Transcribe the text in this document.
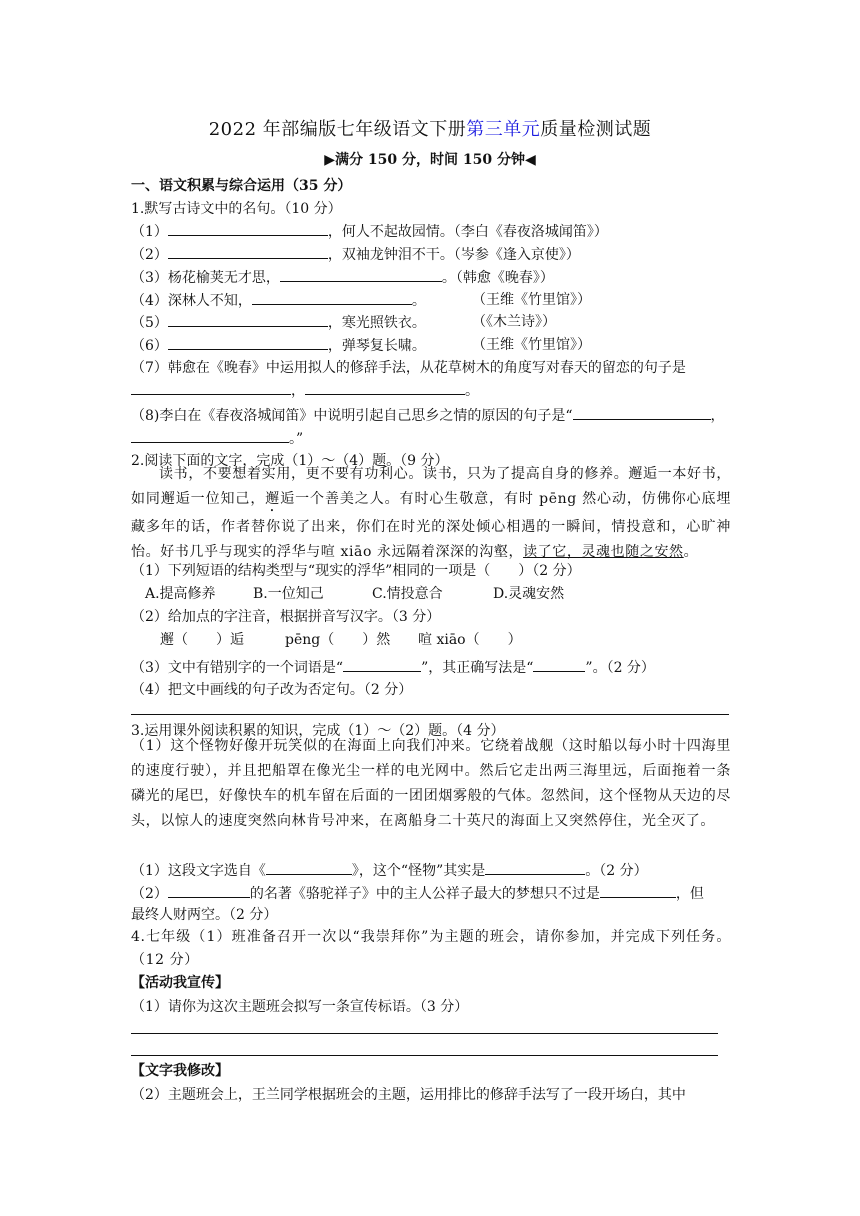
2022 年部编版七年级语文下册第三单元质量检测试题
▶满分 150 分，时间 150 分钟◀
一、语文积累与综合运用（35 分）
1.默写古诗文中的名句。（10 分）
（1）	，何人不起故园情。（李白《春夜洛城闻笛》）
（2）	，双袖龙钟泪不干。（岑参《逢入京使》）
（3）杨花榆荚无才思，	。（韩愈《晚春》）
（4）深林人不知，	。	（王维《竹里馆》）
（5）	，寒光照铁衣。	（《木兰诗》）
（6）	，弹琴复长啸。	（王维《竹里馆》）
（7）韩愈在《晚春》中运用拟人的修辞手法，从花草树木的角度写对春天的留恋的句子是
，	。
（8)李白在《春夜洛城闻笛》中说明引起自己思乡之情的原因的句子是“	，
。”
2.阅读下面的文字，完成（1）～（4）题。（9 分）
读书，不要想着实用，更不要有功利心。读书，只为了提高自身的修养。邂逅一本好书，如同邂逅一位知己，邂逅一个善美之人。有时心生敬意，有时 pēng 然心动，仿佛你心底埋藏多年的话，作者替你说了出来，你们在时光的深处倾心相遇的一瞬间，情投意和，心旷神怡。好书几乎与现实的浮华与喧 xiāo 永远隔着深深的沟壑，读了它，灵魂也随之安然。
（1）下列短语的结构类型与“现实的浮华”相同的一项是（　　）（2 分）
A.提高修养	B.一位知己	C.情投意合	D.灵魂安然
（2）给加点的字注音，根据拼音写汉字。（3 分）
邂（　　）逅	pēng（　　）然 喧 xiāo（　　）
（3）文中有错别字的一个词语是“	”，其正确写法是“	”。（2 分）
（4）把文中画线的句子改为否定句。（2 分）
3.运用课外阅读积累的知识，完成（1）～（2）题。（4 分）
（1）这个怪物好像开玩笑似的在海面上向我们冲来。它绕着战舰（这时船以每小时十四海里的速度行驶），并且把船罩在像光尘一样的电光网中。然后它走出两三海里远，后面拖着一条磷光的尾巴，好像快车的机车留在后面的一团团烟雾般的气体。忽然间，这个怪物从天边的尽头，以惊人的速度突然向林肯号冲来，在离船身二十英尺的海面上又突然停住，光全灭了。
（1）这段文字选自《	》，这个“怪物”其实是	。（2 分）
（2）	的名著《骆驼祥子》中的主人公祥子最大的梦想只不过是	，但
最终人财两空。（2 分）
4.七年级（1）班准备召开一次以“我崇拜你”为主题的班会，请你参加，并完成下列任务。（12 分）
【活动我宣传】
（1）请你为这次主题班会拟写一条宣传标语。（3 分）
【文字我修改】
（2）主题班会上，王兰同学根据班会的主题，运用排比的修辞手法写了一段开场白，其中
